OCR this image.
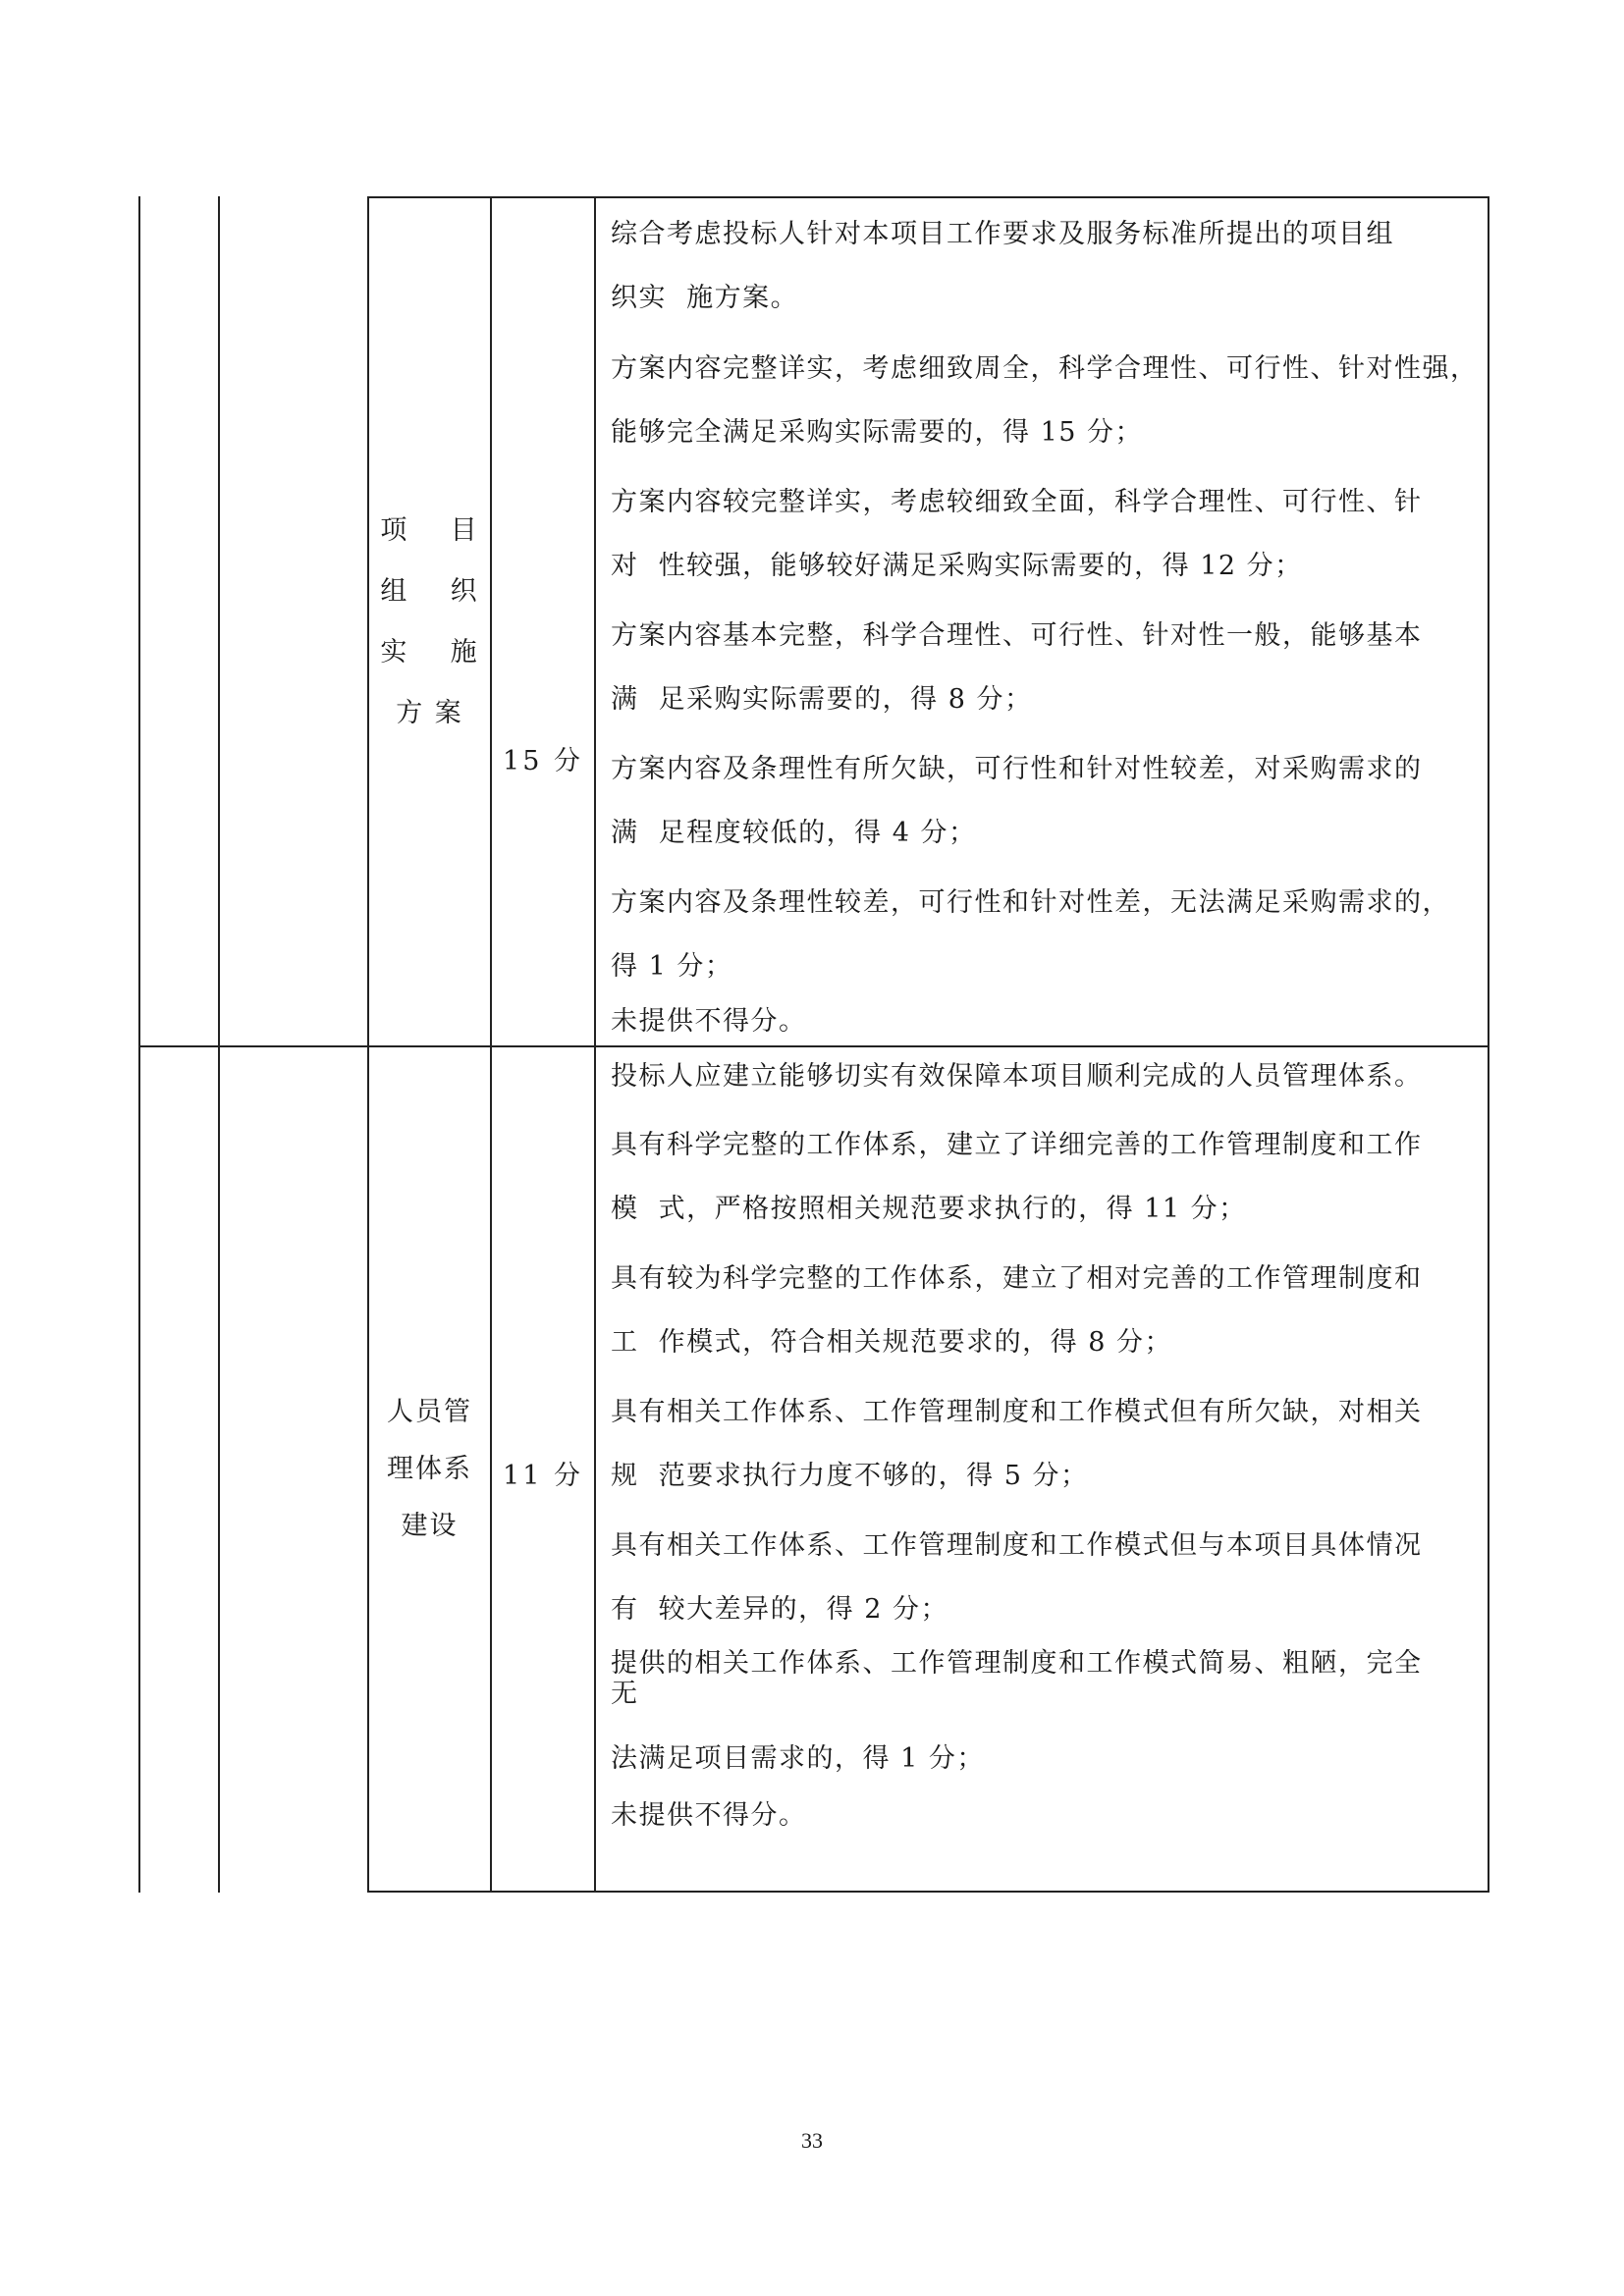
项    目
组    织
实    施
方 案
15 分
综合考虑投标人针对本项目工作要求及服务标准所提出的项目组
织实  施方案。
方案内容完整详实，考虑细致周全，科学合理性、可行性、针对性强，
能够完全满足采购实际需要的，得 15 分；
方案内容较完整详实，考虑较细致全面，科学合理性、可行性、针
对  性较强，能够较好满足采购实际需要的，得 12 分；
方案内容基本完整，科学合理性、可行性、针对性一般，能够基本
满  足采购实际需要的，得 8 分；
方案内容及条理性有所欠缺，可行性和针对性较差，对采购需求的
满  足程度较低的，得 4 分；
方案内容及条理性较差，可行性和针对性差，无法满足采购需求的，
得 1 分；
未提供不得分。
人员管
理体系
建设
11 分
投标人应建立能够切实有效保障本项目顺利完成的人员管理体系。
具有科学完整的工作体系，建立了详细完善的工作管理制度和工作
模  式，严格按照相关规范要求执行的，得 11 分；
具有较为科学完整的工作体系，建立了相对完善的工作管理制度和
工  作模式，符合相关规范要求的，得 8 分；
具有相关工作体系、工作管理制度和工作模式但有所欠缺，对相关
规  范要求执行力度不够的，得 5 分；
具有相关工作体系、工作管理制度和工作模式但与本项目具体情况
有  较大差异的，得 2 分；
提供的相关工作体系、工作管理制度和工作模式简易、粗陋，完全
无
法满足项目需求的，得 1 分；
未提供不得分。
33
